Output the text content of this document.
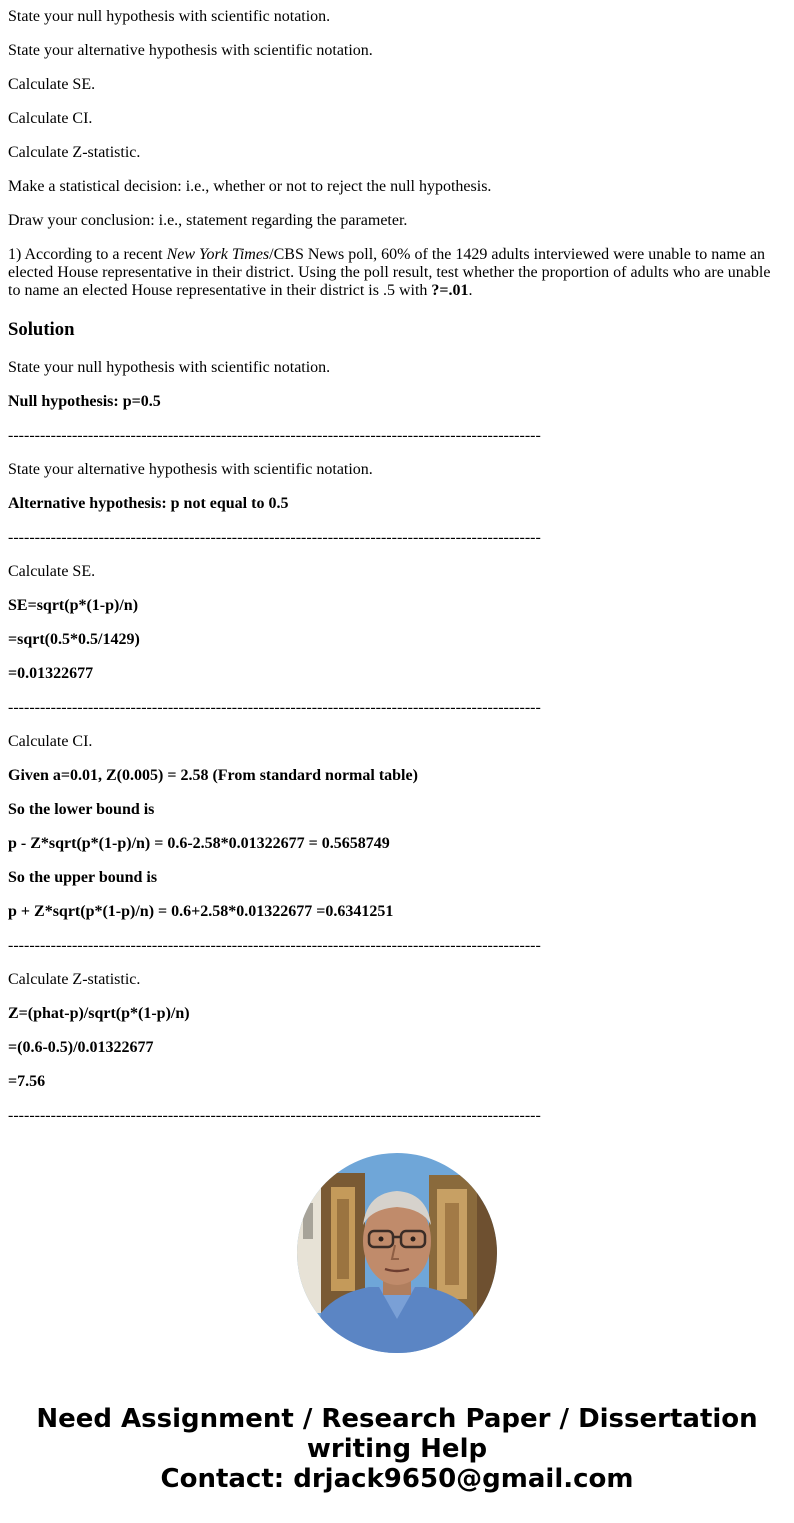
State your null hypothesis with scientific notation.

State your alternative hypothesis with scientific notation.

Calculate SE.

Calculate CI.

Calculate Z-statistic.

Make a statistical decision: i.e., whether or not to reject the null hypothesis.

Draw your conclusion: i.e., statement regarding the parameter.

1) According to a recent New York Times/CBS News poll, 60% of the 1429 adults interviewed were unable to name an elected House representative in their district. Using the poll result, test whether the proportion of adults who are unable to name an elected House representative in their district is .5 with ?=.01.

Solution

State your null hypothesis with scientific notation.

Null hypothesis: p=0.5

----------------------------------------------------------------------------------------------------

State your alternative hypothesis with scientific notation.

Alternative hypothesis: p not equal to 0.5

----------------------------------------------------------------------------------------------------

Calculate SE.

SE=sqrt(p*(1-p)/n)

=sqrt(0.5*0.5/1429)

=0.01322677

----------------------------------------------------------------------------------------------------

Calculate CI.

Given a=0.01, Z(0.005) = 2.58 (From standard normal table)

So the lower bound is

p - Z*sqrt(p*(1-p)/n) = 0.6-2.58*0.01322677 = 0.5658749

So the upper bound is

p + Z*sqrt(p*(1-p)/n) = 0.6+2.58*0.01322677 =0.6341251

----------------------------------------------------------------------------------------------------

Calculate Z-statistic.

Z=(phat-p)/sqrt(p*(1-p)/n)

=(0.6-0.5)/0.01322677

=7.56

----------------------------------------------------------------------------------------------------

Need Assignment / Research Paper / Dissertation
writing Help
Contact: drjack9650@gmail.com
